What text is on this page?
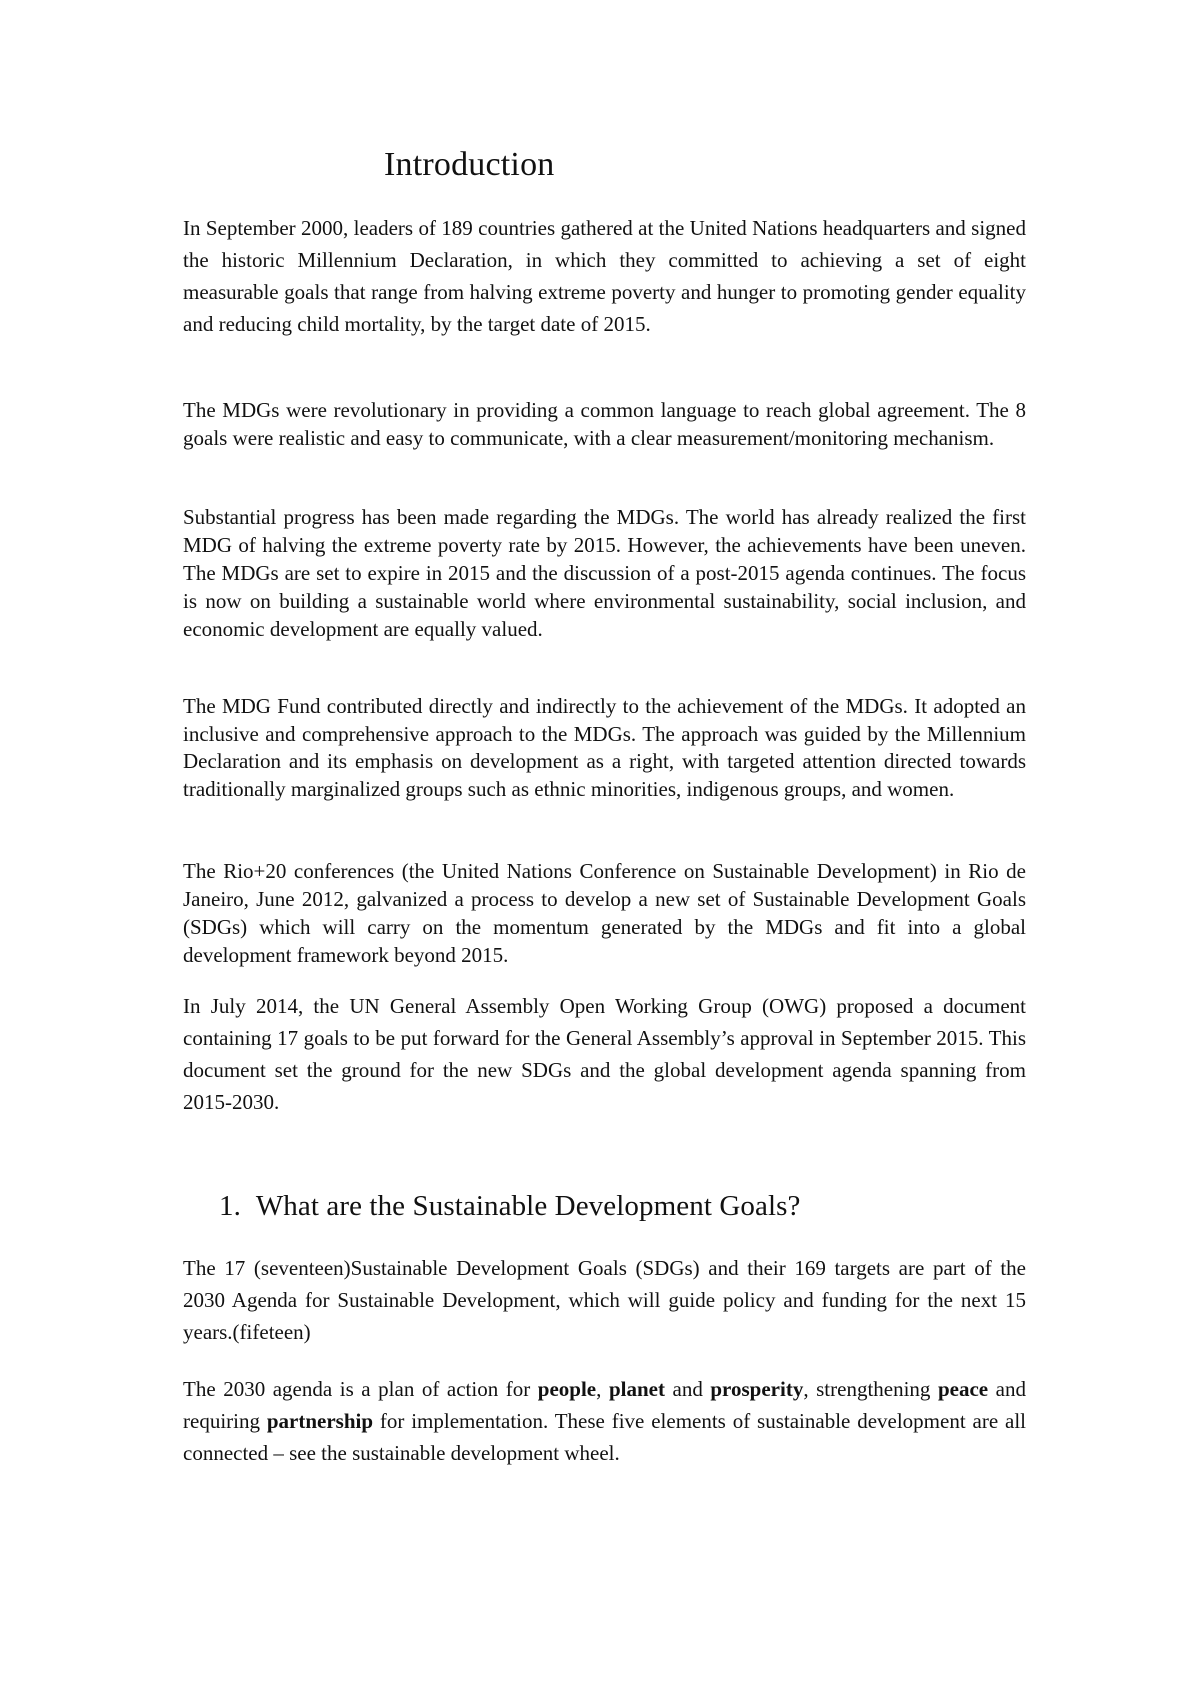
Introduction

In September 2000, leaders of 189 countries gathered at the United Nations headquarters and signed the historic Millennium Declaration, in which they committed to achieving a set of eight measurable goals that range from halving extreme poverty and hunger to promoting gender equality and reducing child mortality, by the target date of 2015.

The MDGs were revolutionary in providing a common language to reach global agreement. The 8 goals were realistic and easy to communicate, with a clear measurement/monitoring mechanism.

Substantial progress has been made regarding the MDGs. The world has already realized the first MDG of halving the extreme poverty rate by 2015. However, the achievements have been uneven. The MDGs are set to expire in 2015 and the discussion of a post-2015 agenda continues. The focus is now on building a sustainable world where environmental sustainability, social inclusion, and economic development are equally valued.

The MDG Fund contributed directly and indirectly to the achievement of the MDGs. It adopted an inclusive and comprehensive approach to the MDGs. The approach was guided by the Millennium Declaration and its emphasis on development as a right, with targeted attention directed towards traditionally marginalized groups such as ethnic minorities, indigenous groups, and women.

The Rio+20 conferences (the United Nations Conference on Sustainable Development) in Rio de Janeiro, June 2012, galvanized a process to develop a new set of Sustainable Development Goals (SDGs) which will carry on the momentum generated by the MDGs and fit into a global development framework beyond 2015.

In July 2014, the UN General Assembly Open Working Group (OWG) proposed a document containing 17 goals to be put forward for the General Assembly’s approval in September 2015. This document set the ground for the new SDGs and the global development agenda spanning from 2015-2030.

1. What are the Sustainable Development Goals?

The 17 (seventeen)Sustainable Development Goals (SDGs) and their 169 targets are part of the 2030 Agenda for Sustainable Development, which will guide policy and funding for the next 15 years.(fifeteen)

The 2030 agenda is a plan of action for people, planet and prosperity, strengthening peace and requiring partnership for implementation. These five elements of sustainable development are all connected – see the sustainable development wheel.
